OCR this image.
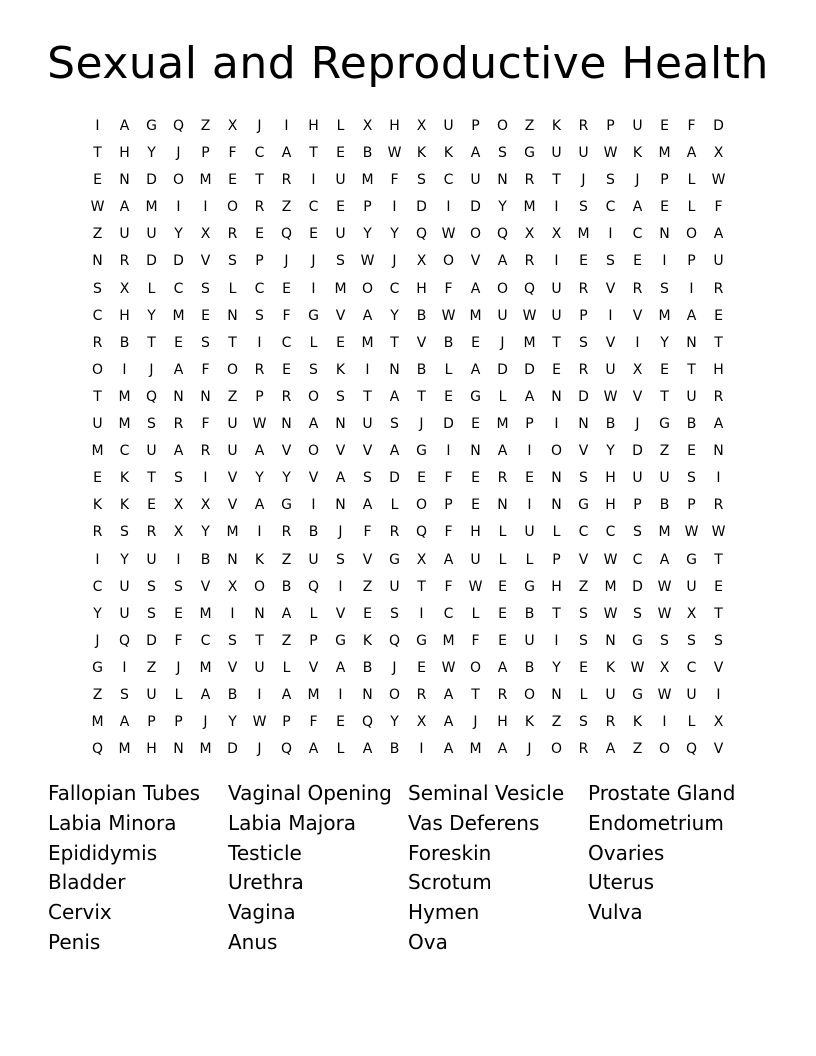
Sexual and Reproductive Health
I	A	G	Q	Z	X	J	I	H	L	X	H	X	U	P	O	Z	K	R	P	U	E	F	D
T	H	Y	J	P	F	C	A	T	E	B	W	K	K	A	S	G	U	U	W	K	M	A	X
E	N	D	O	M	E	T	R	I	U	M	F	S	C	U	N	R	T	J	S	J	P	L	W
W	A	M	I	I	O	R	Z	C	E	P	I	D	I	D	Y	M	I	S	C	A	E	L	F
Z	U	U	Y	X	R	E	Q	E	U	Y	Y	Q	W	O	Q	X	X	M	I	C	N	O	A
N	R	D	D	V	S	P	J	J	S	W	J	X	O	V	A	R	I	E	S	E	I	P	U
S	X	L	C	S	L	C	E	I	M	O	C	H	F	A	O	Q	U	R	V	R	S	I	R
C	H	Y	M	E	N	S	F	G	V	A	Y	B	W	M	U	W	U	P	I	V	M	A	E
R	B	T	E	S	T	I	C	L	E	M	T	V	B	E	J	M	T	S	V	I	Y	N	T
O	I	J	A	F	O	R	E	S	K	I	N	B	L	A	D	D	E	R	U	X	E	T	H
T	M	Q	N	N	Z	P	R	O	S	T	A	T	E	G	L	A	N	D	W	V	T	U	R
U	M	S	R	F	U	W	N	A	N	U	S	J	D	E	M	P	I	N	B	J	G	B	A
M	C	U	A	R	U	A	V	O	V	V	A	G	I	N	A	I	O	V	Y	D	Z	E	N
E	K	T	S	I	V	Y	Y	V	A	S	D	E	F	E	R	E	N	S	H	U	U	S	I
K	K	E	X	X	V	A	G	I	N	A	L	O	P	E	N	I	N	G	H	P	B	P	R
R	S	R	X	Y	M	I	R	B	J	F	R	Q	F	H	L	U	L	C	C	S	M	W W
I	Y	U	I	B	N	K	Z	U	S	V	G	X	A	U	L	L	P	V	W	C	A	G	T
C	U	S	S	V	X	O	B	Q	I	Z	U	T	F	W	E	G	H	Z	M	D	W	U	E
Y	U	S	E	M	I	N	A	L	V	E	S	I	C	L	E	B	T	S	W	S	W	X	T
J	Q	D	F	C	S	T	Z	P	G	K	Q	G	M	F	E	U	I	S	N	G	S	S	S
G	I	Z	J	M	V	U	L	V	A	B	J	E	W	O	A	B	Y	E	K	W	X	C	V
Z	S	U	L	A	B	I	A	M	I	N	O	R	A	T	R	O	N	L	U	G	W	U	I
M	A	P	P	J	Y	W	P	F	E	Q	Y	X	A	J	H	K	Z	S	R	K	I	L	X
Q	M	H	N	M	D	J	Q	A	L	A	B	I	A	M	A	J	O	R	A	Z	O	Q	V
Fallopian Tubes
Labia Minora
Epididymis
Bladder
Cervix
Penis
Vaginal Opening
Labia Majora
Testicle
Urethra
Vagina
Anus
Seminal Vesicle
Vas Deferens
Foreskin
Scrotum
Hymen
Ova
Prostate Gland
Endometrium
Ovaries
Uterus
Vulva
